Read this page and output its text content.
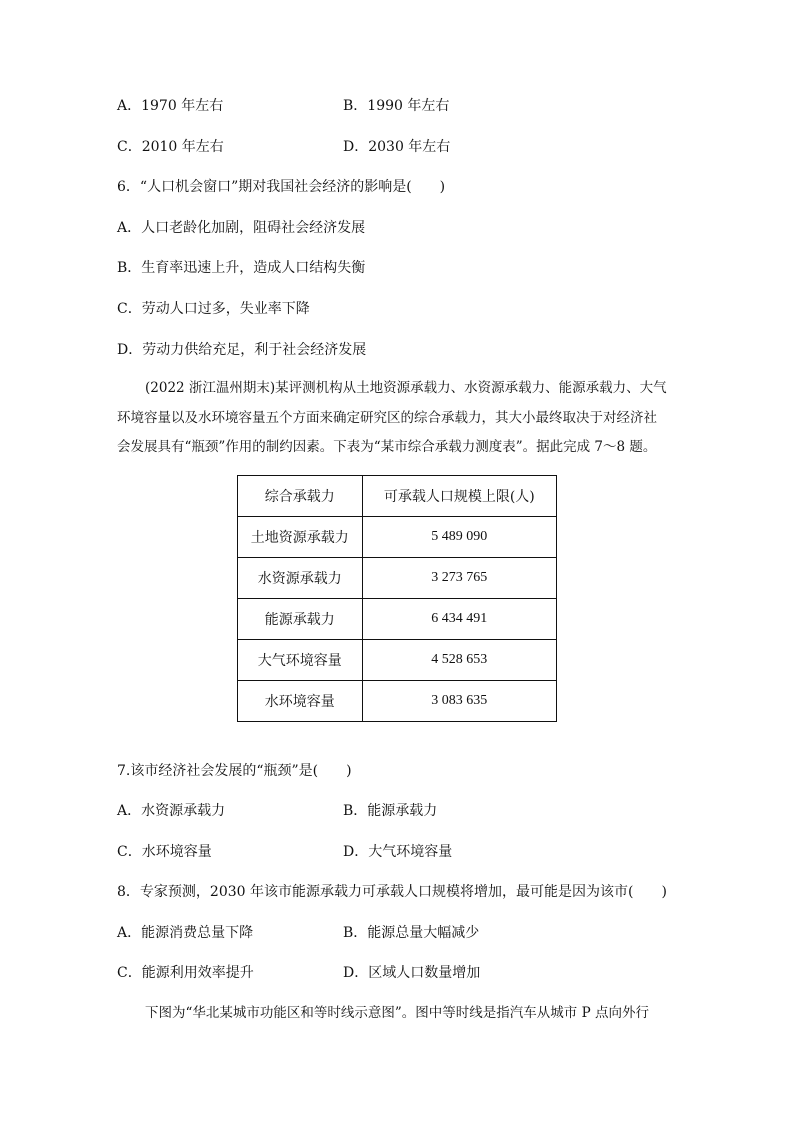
A．1970 年左右	B．1990 年左右
C．2010 年左右	D．2030 年左右
6．“人口机会窗口”期对我国社会经济的影响是(　　)
A．人口老龄化加剧，阻碍社会经济发展
B．生育率迅速上升，造成人口结构失衡
C．劳动人口过多，失业率下降
D．劳动力供给充足，利于社会经济发展
(2022 浙江温州期末)某评测机构从土地资源承载力、水资源承载力、能源承载力、大气
环境容量以及水环境容量五个方面来确定研究区的综合承载力，其大小最终取决于对经济社
会发展具有“瓶颈”作用的制约因素。下表为“某市综合承载力测度表”。据此完成 7～8 题。
综合承载力	可承载人口规模上限(人)
土地资源承载力	5 489 090
水资源承载力	3 273 765
能源承载力	6 434 491
大气环境容量	4 528 653
水环境容量	3 083 635
7.该市经济社会发展的“瓶颈”是(　　)
A．水资源承载力	B．能源承载力
C．水环境容量	D．大气环境容量
8．专家预测，2030 年该市能源承载力可承载人口规模将增加，最可能是因为该市(　　)
A．能源消费总量下降	B．能源总量大幅减少
C．能源利用效率提升	D．区域人口数量增加
下图为“华北某城市功能区和等时线示意图”。图中等时线是指汽车从城市 P 点向外行
